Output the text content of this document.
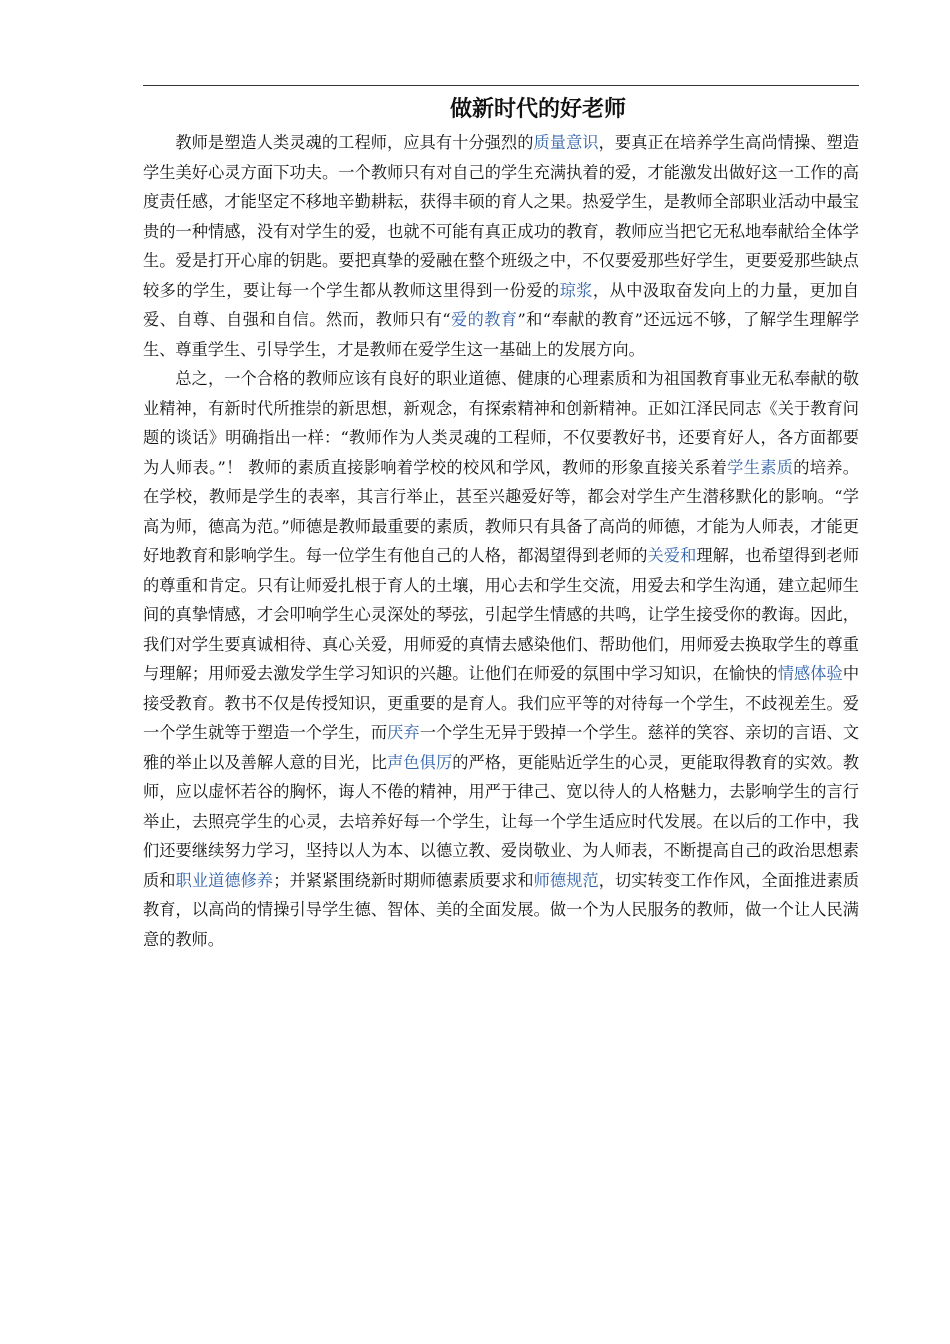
做新时代的好老师

教师是塑造人类灵魂的工程师，应具有十分强烈的质量意识，要真正在培养学生高尚情操、塑造学生美好心灵方面下功夫。一个教师只有对自己的学生充满执着的爱，才能激发出做好这一工作的高度责任感，才能坚定不移地辛勤耕耘，获得丰硕的育人之果。热爱学生，是教师全部职业活动中最宝贵的一种情感，没有对学生的爱，也就不可能有真正成功的教育，教师应当把它无私地奉献给全体学生。爱是打开心扉的钥匙。要把真挚的爱融在整个班级之中，不仅要爱那些好学生，更要爱那些缺点较多的学生，要让每一个学生都从教师这里得到一份爱的琼浆，从中汲取奋发向上的力量，更加自爱、自尊、自强和自信。然而，教师只有“爱的教育”和“奉献的教育”还远远不够，了解学生理解学生、尊重学生、引导学生，才是教师在爱学生这一基础上的发展方向。

总之，一个合格的教师应该有良好的职业道德、健康的心理素质和为祖国教育事业无私奉献的敬业精神，有新时代所推崇的新思想，新观念，有探索精神和创新精神。正如江泽民同志《关于教育问题的谈话》明确指出一样：“教师作为人类灵魂的工程师，不仅要教好书，还要育好人，各方面都要为人师表。”！ 教师的素质直接影响着学校的校风和学风，教师的形象直接关系着学生素质的培养。在学校，教师是学生的表率，其言行举止，甚至兴趣爱好等，都会对学生产生潜移默化的影响。“学高为师，德高为范。”师德是教师最重要的素质，教师只有具备了高尚的师德，才能为人师表，才能更好地教育和影响学生。每一位学生有他自己的人格，都渴望得到老师的关爱和理解，也希望得到老师的尊重和肯定。只有让师爱扎根于育人的土壤，用心去和学生交流，用爱去和学生沟通，建立起师生间的真挚情感，才会叩响学生心灵深处的琴弦，引起学生情感的共鸣，让学生接受你的教诲。因此，我们对学生要真诚相待、真心关爱，用师爱的真情去感染他们、帮助他们，用师爱去换取学生的尊重与理解；用师爱去激发学生学习知识的兴趣。让他们在师爱的氛围中学习知识，在愉快的情感体验中接受教育。教书不仅是传授知识，更重要的是育人。我们应平等的对待每一个学生，不歧视差生。爱一个学生就等于塑造一个学生，而厌弃一个学生无异于毁掉一个学生。慈祥的笑容、亲切的言语、文雅的举止以及善解人意的目光，比声色俱厉的严格，更能贴近学生的心灵，更能取得教育的实效。教师，应以虚怀若谷的胸怀，诲人不倦的精神，用严于律己、宽以待人的人格魅力，去影响学生的言行举止，去照亮学生的心灵，去培养好每一个学生，让每一个学生适应时代发展。在以后的工作中，我们还要继续努力学习，坚持以人为本、以德立教、爱岗敬业、为人师表，不断提高自己的政治思想素质和职业道德修养；并紧紧围绕新时期师德素质要求和师德规范，切实转变工作作风，全面推进素质教育，以高尚的情操引导学生德、智体、美的全面发展。做一个为人民服务的教师，做一个让人民满意的教师。
